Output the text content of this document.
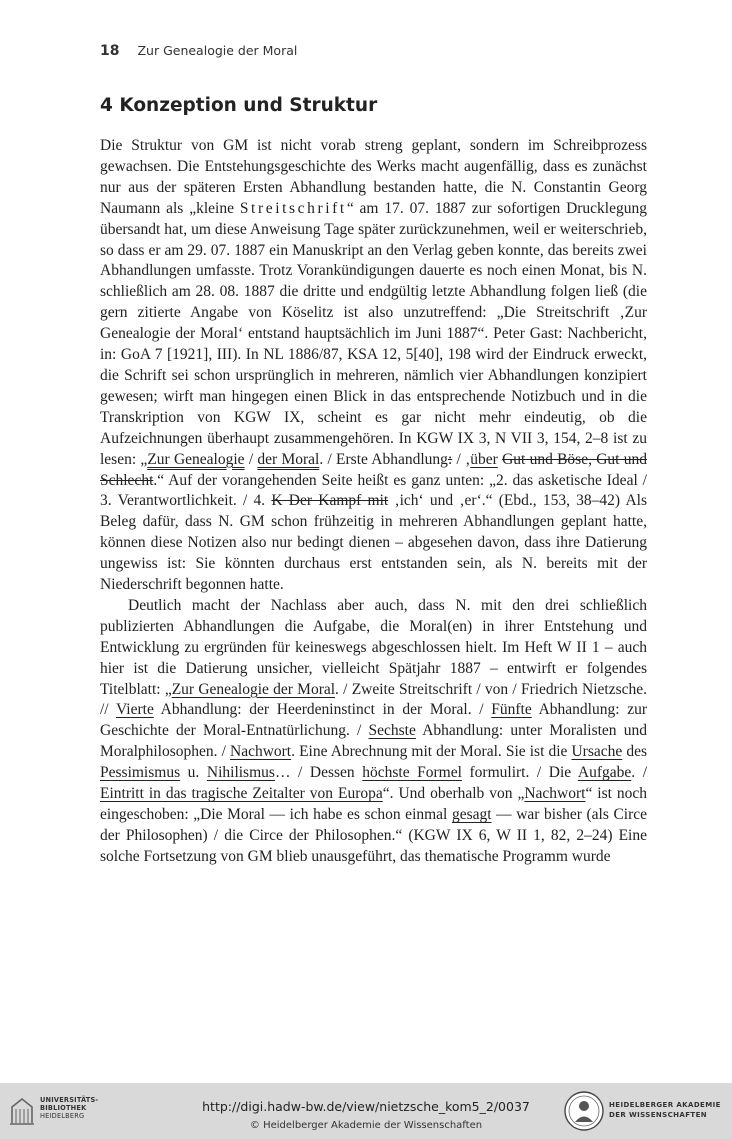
18 Zur Genealogie der Moral
4 Konzeption und Struktur

Die Struktur von GM ist nicht vorab streng geplant, sondern im Schreibprozess gewachsen. Die Entstehungsgeschichte des Werks macht augenfällig, dass es zunächst nur aus der späteren Ersten Abhandlung bestanden hatte, die N. Constantin Georg Naumann als „kleine Streitschrift“ am 17. 07. 1887 zur sofortigen Drucklegung übersandt hat, um diese Anweisung Tage später zurückzunehmen, weil er weiterschrieb, so dass er am 29. 07. 1887 ein Manuskript an den Verlag geben konnte, das bereits zwei Abhandlungen umfasste. Trotz Vorankündigungen dauerte es noch einen Monat, bis N. schließlich am 28. 08. 1887 die dritte und endgültig letzte Abhandlung folgen ließ (die gern zitierte Angabe von Köselitz ist also unzutreffend: „Die Streitschrift ‚Zur Genealogie der Moral‘ entstand hauptsächlich im Juni 1887“. Peter Gast: Nachbericht, in: GoA 7 [1921], III). In NL 1886/87, KSA 12, 5[40], 198 wird der Eindruck erweckt, die Schrift sei schon ursprünglich in mehreren, nämlich vier Abhandlungen konzipiert gewesen; wirft man hingegen einen Blick in das entsprechende Notizbuch und in die Transkription von KGW IX, scheint es gar nicht mehr eindeutig, ob die Aufzeichnungen überhaupt zusammengehören. In KGW IX 3, N VII 3, 154, 2–8 ist zu lesen: „Zur Genealogie / der Moral. / Erste Abhandlung: / ‚über Gut und Böse, Gut und Schlecht.“ Auf der vorangehenden Seite heißt es ganz unten: „2. das asketische Ideal / 3. Verantwortlichkeit. / 4. K Der Kampf mit ‚ich‘ und ‚er‘.“ (Ebd., 153, 38–42) Als Beleg dafür, dass N. GM schon frühzeitig in mehreren Abhandlungen geplant hatte, können diese Notizen also nur bedingt dienen – abgesehen davon, dass ihre Datierung ungewiss ist: Sie könnten durchaus erst entstanden sein, als N. bereits mit der Niederschrift begonnen hatte.

Deutlich macht der Nachlass aber auch, dass N. mit den drei schließlich publizierten Abhandlungen die Aufgabe, die Moral(en) in ihrer Entstehung und Entwicklung zu ergründen für keineswegs abgeschlossen hielt. Im Heft W II 1 – auch hier ist die Datierung unsicher, vielleicht Spätjahr 1887 – entwirft er folgendes Titelblatt: „Zur Genealogie der Moral. / Zweite Streitschrift / von / Friedrich Nietzsche. // Vierte Abhandlung: der Heerdeninstinct in der Moral. / Fünfte Abhandlung: zur Geschichte der Moral-Entnatürlichung. / Sechste Abhandlung: unter Moralisten und Moralphilosophen. / Nachwort. Eine Abrechnung mit der Moral. Sie ist die Ursache des Pessimismus u. Nihilismus… / Dessen höchste Formel formulirt. / Die Aufgabe. / Eintritt in das tragische Zeitalter von Europa“. Und oberhalb von „Nachwort“ ist noch eingeschoben: „Die Moral — ich habe es schon einmal gesagt — war bisher (als Circe der Philosophen) / die Circe der Philosophen.“ (KGW IX 6, W II 1, 82, 2–24) Eine solche Fortsetzung von GM blieb unausgeführt, das thematische Programm wurde

UNIVERSITÄTS-
BIBLIOTHEK
HEIDELBERG
http://digi.hadw-bw.de/view/nietzsche_kom5_2/0037
© Heidelberger Akademie der Wissenschaften
HEIDELBERGER AKADEMIE
DER WISSENSCHAFTEN
